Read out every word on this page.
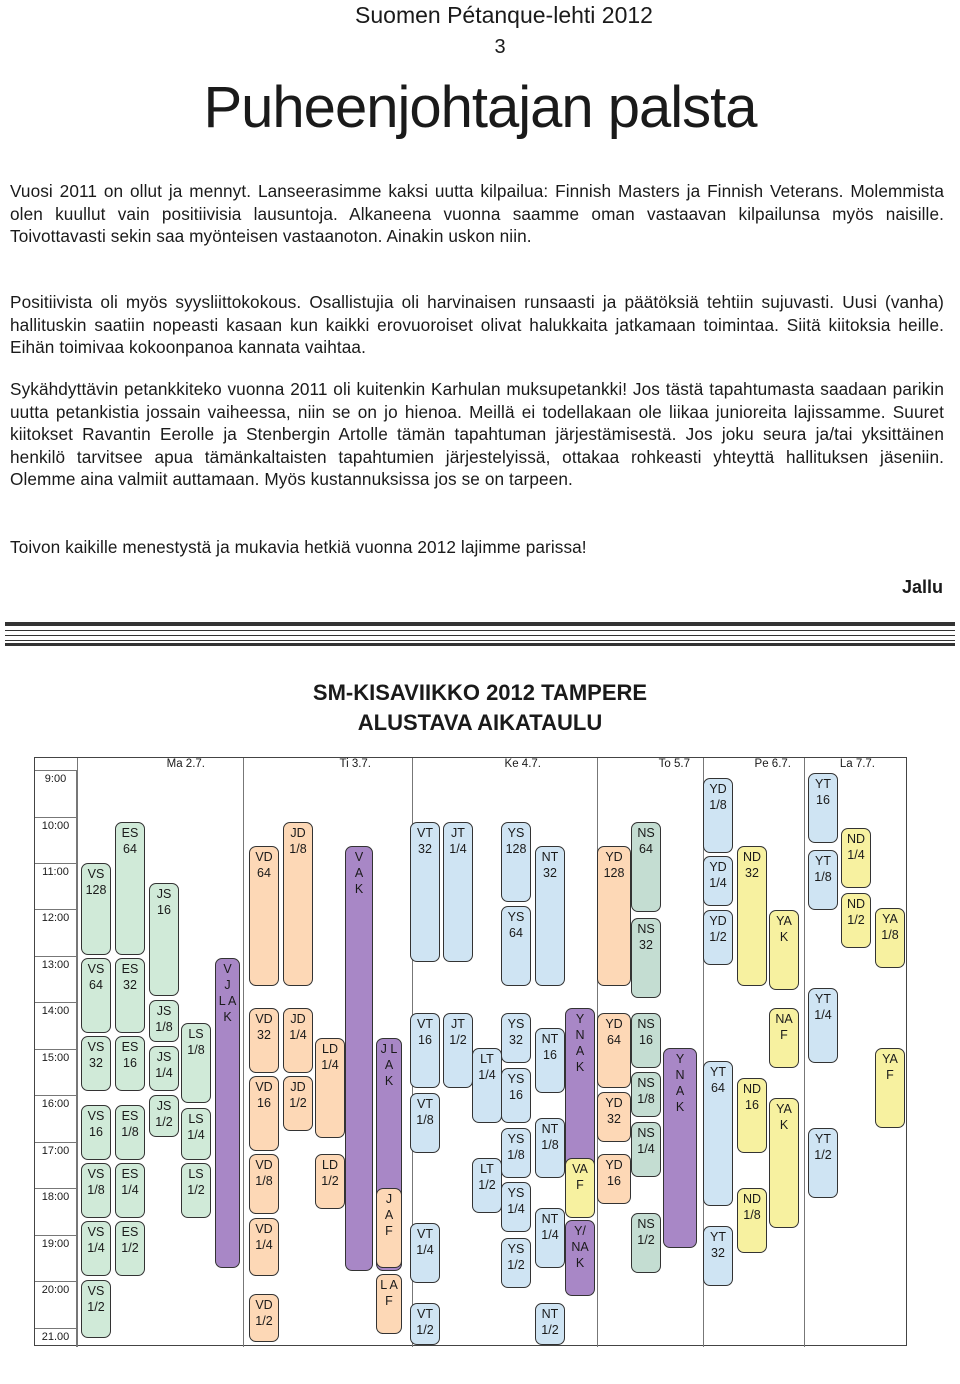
Suomen Pétanque-lehti 2012
3
Puheenjohtajan palsta

Vuosi 2011 on ollut ja mennyt. Lanseerasimme kaksi uutta kilpailua: Finnish Masters ja Finnish Veterans. Molemmista olen kuullut vain positiivisia lausuntoja. Alkaneena vuonna saamme oman vastaavan kilpailunsa myös naisille. Toivottavasti sekin saa myönteisen vastaanoton. Ainakin uskon niin.

Positiivista oli myös syysliittokokous. Osallistujia oli harvinaisen runsaasti ja päätöksiä tehtiin sujuvasti. Uusi (vanha) hallituskin saatiin nopeasti kasaan kun kaikki erovuoroiset olivat halukkaita jatkamaan toimintaa. Siitä kiitoksia heille. Eihän toimivaa kokoonpanoa kannata vaihtaa.

Sykähdyttävin petankkiteko vuonna 2011 oli kuitenkin Karhulan muksupetankki! Jos tästä tapahtumasta saadaan parikin uutta petankistia jossain vaiheessa, niin se on jo hienoa. Meillä ei todellakaan ole liikaa junioreita lajissamme. Suuret kiitokset Ravantin Eerolle ja Stenbergin Artolle tämän tapahtuman järjestämisestä. Jos joku seura ja/tai yksittäinen henkilö tarvitsee apua tämänkaltaisten tapahtumien järjestelyissä, ottakaa rohkeasti yhteyttä hallituksen jäseniin. Olemme aina valmiit auttamaan. Myös kustannuksissa jos se on tarpeen.

Toivon kaikille menestystä ja mukavia hetkiä vuonna 2012 lajimme parissa!

Jallu
SM-KISAVIIKKO 2012 TAMPERE
ALUSTAVA AIKATAULU
Ma 2.7.	Ti 3.7.	Ke 4.7.	To 5.7	Pe 6.7.	La 7.7.
9:00
10:00
11:00
12:00
13:00
14:00
15:00
16:00
17:00
18:00
19:00
20:00
21.00
VS
128
ES
64
JS
16
VS
64
ES
32
JS
1/8	LS
1/8
VS
32
ES
16	JS
1/4
VS
16
ES
1/8
JS
1/2	LS
1/4
LS
1/2
V
J
L A
K
VS
1/8
ES
1/4
VS
1/4
ES
1/2
VS
1/2
VD
64
JD
1/8
VD
32
JD
1/4
LD
1/4
VD
16
JD
1/2
VD
1/8
LD
1/2
VD
1/4
VD
1/2
V
A
K
J L
A
K
J
A
F
L A
F
VT
32
JT
1/4
YS
128
YS
64
NT
32
VT
16
JT
1/2
YS
32
LT
1/4
VT
1/8
YS
16
NT
16
YS
1/8
NT
1/8
LT
1/2
YS
1/4
VT
1/4
NT
1/4
YS
1/2
VT
1/2
NT
1/2
Y
N
A
K
VA
F
Y/
NA
K
YD
128
NS
64
NS
32
YD
64
NS
16
YD
32
NS
1/8
NS
1/4
YD
16
NS
1/2
Y
N
A
K
YD
1/8
YD
1/4
ND
32
YD
1/2
YA
K
NA
F
YT
64	ND
16	YA
K
ND
1/8
YT
32
YT
16
YT
1/8
ND
1/4
ND
1/2	YA
1/8
YT
1/4
YA
F
YT
1/2
